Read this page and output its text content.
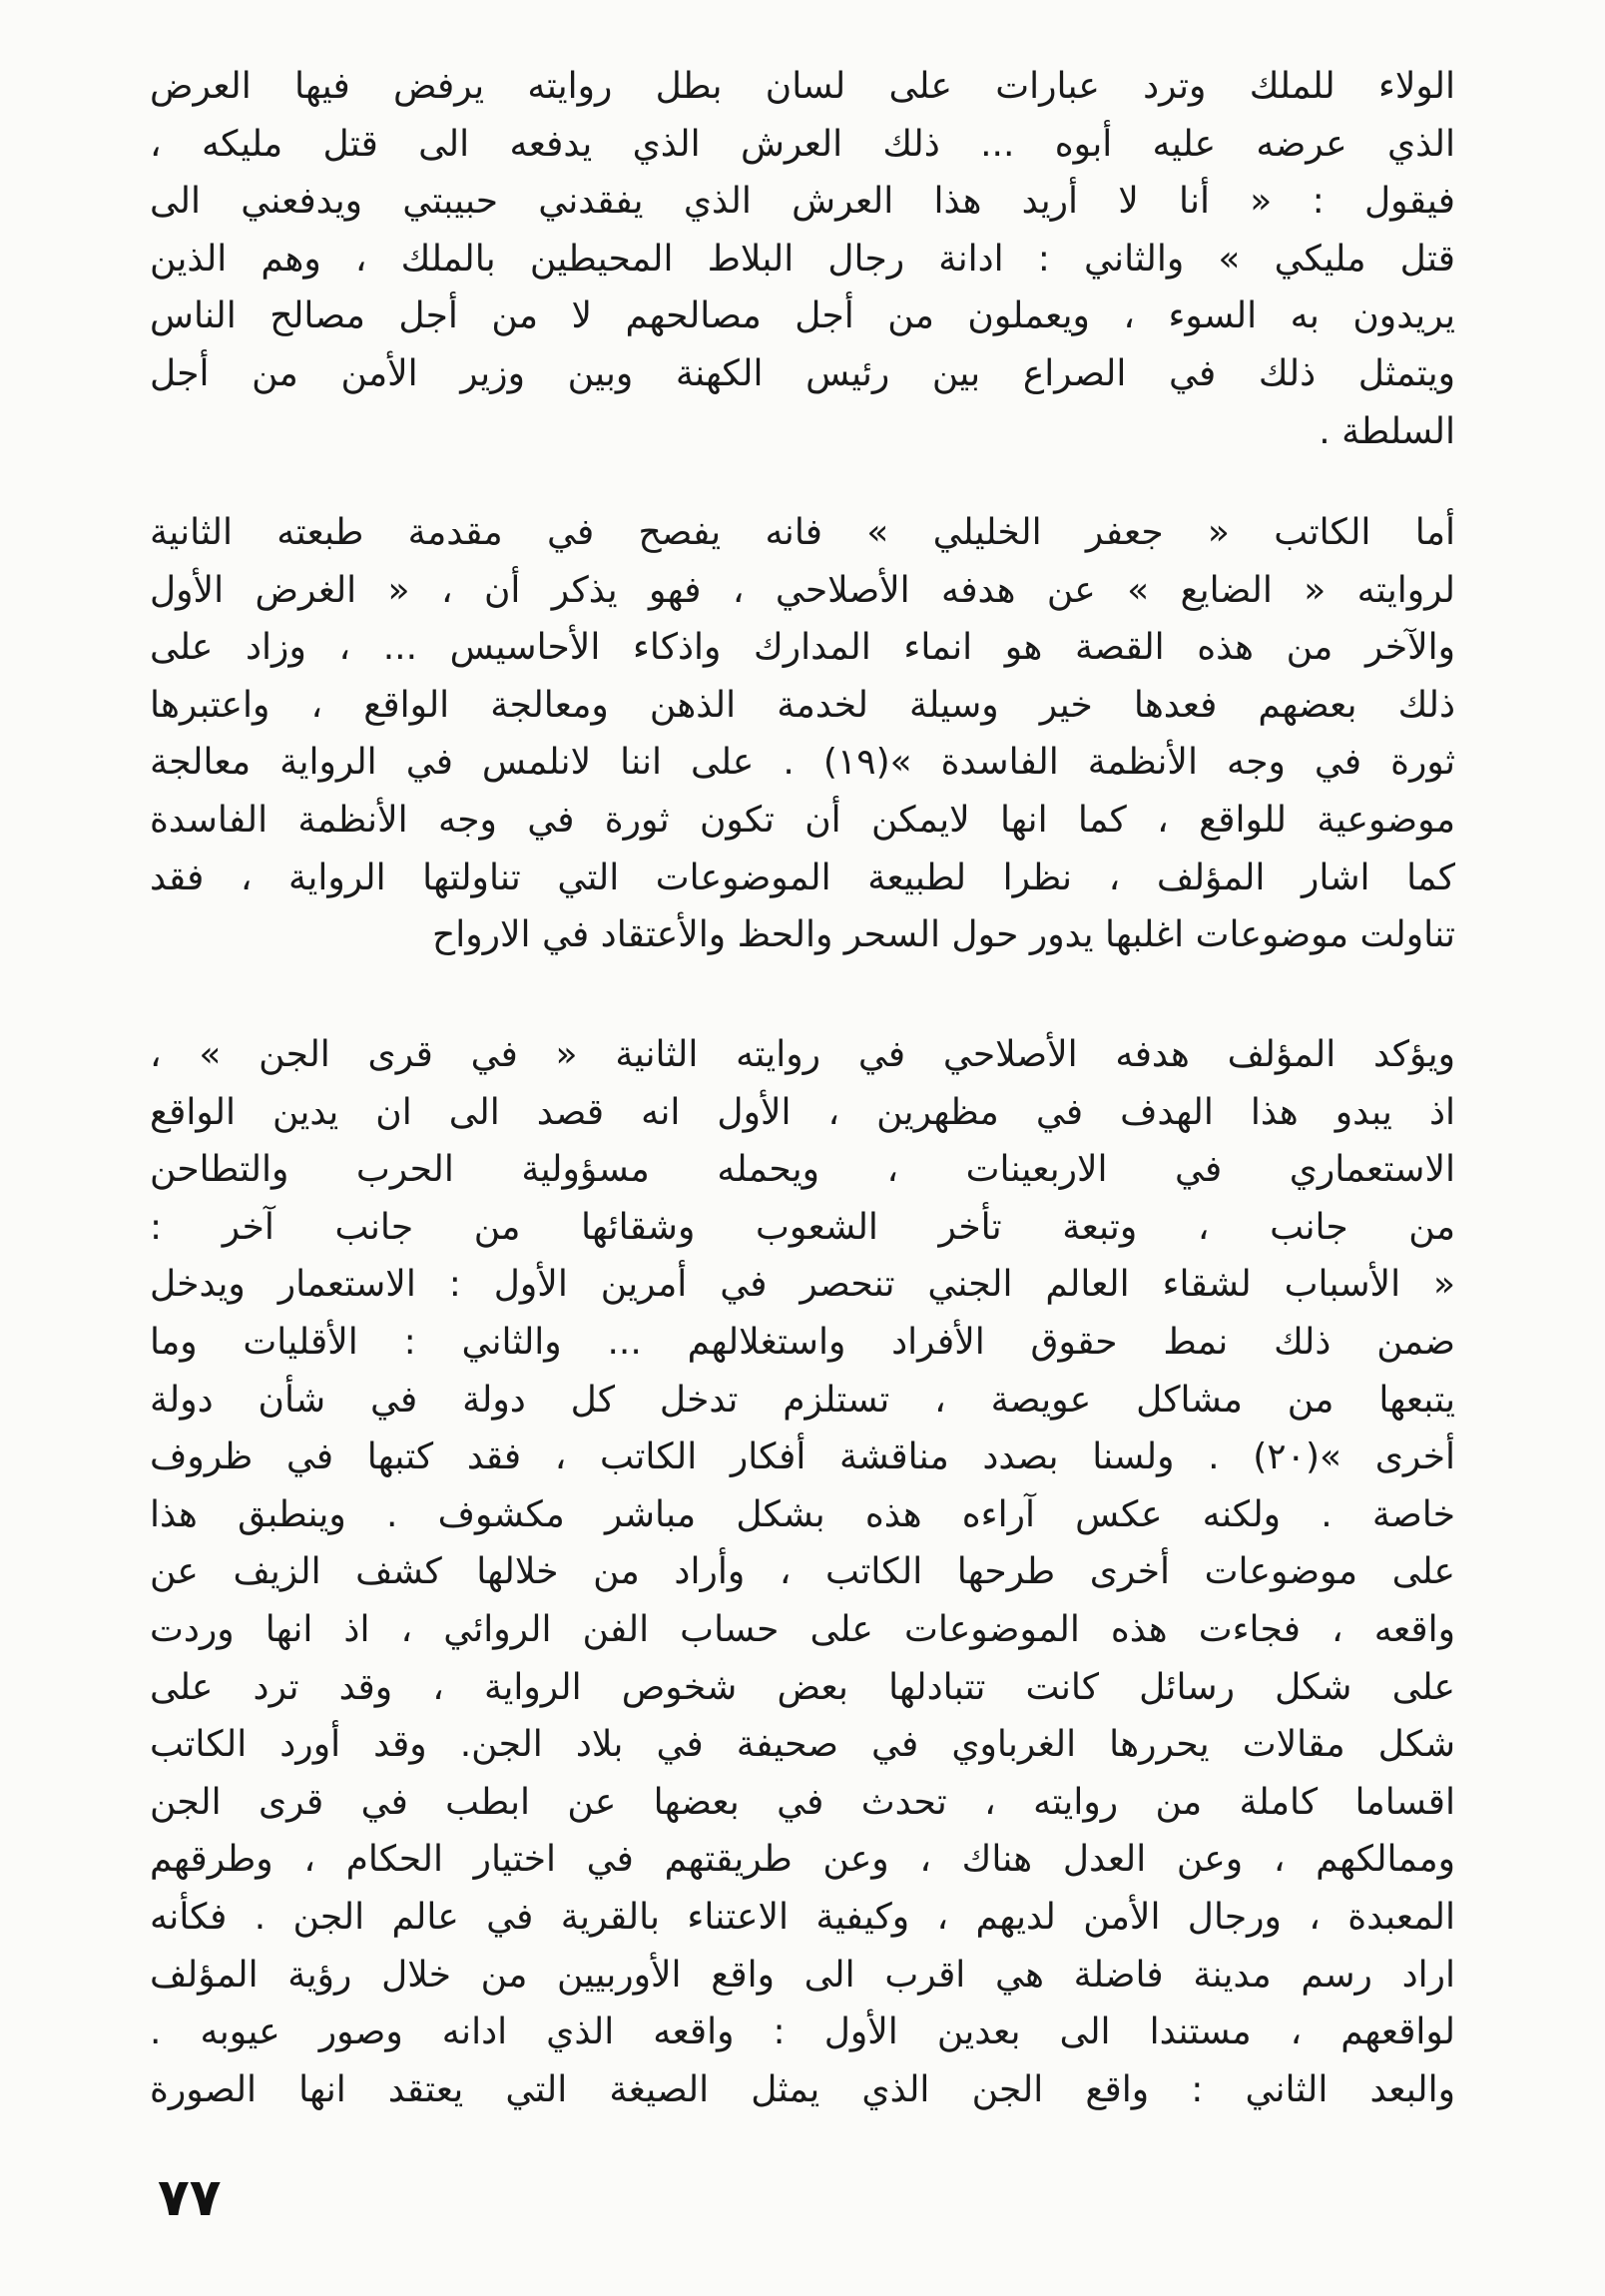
الولاء للملك وترد عبارات على لسان بطل روايته يرفض فيها العرض
الذي عرضه عليه أبوه ... ذلك العرش الذي يدفعه الى قتل مليكه ،
فيقول : « أنا لا أريد هذا العرش الذي يفقدني حبيبتي ويدفعني الى
قتل مليكي » والثاني : ادانة رجال البلاط المحيطين بالملك ، وهم الذين
يريدون به السوء ، ويعملون من أجل مصالحهم لا من أجل مصالح الناس
ويتمثل ذلك في الصراع بين رئيس الكهنة وبين وزير الأمن من أجل
السلطة .
أما الكاتب « جعفر الخليلي » فانه يفصح في مقدمة طبعته الثانية
لروايته « الضايع » عن هدفه الأصلاحي ، فهو يذكر أن ، « الغرض الأول
والآخر من هذه القصة هو انماء المدارك واذكاء الأحاسيس ... ، وزاد على
ذلك بعضهم فعدها خير وسيلة لخدمة الذهن ومعالجة الواقع ، واعتبرها
ثورة في وجه الأنظمة الفاسدة »(١٩) . على اننا لانلمس في الرواية معالجة
موضوعية للواقع ، كما انها لايمكن أن تكون ثورة في وجه الأنظمة الفاسدة
كما اشار المؤلف ، نظرا لطبيعة الموضوعات التي تناولتها الرواية ، فقد
تناولت موضوعات اغلبها يدور حول السحر والحظ والأعتقاد في الارواح
ويؤكد المؤلف هدفه الأصلاحي في روايته الثانية « في قرى الجن » ،
اذ يبدو هذا الهدف في مظهرين ، الأول انه قصد الى ان يدين الواقع
الاستعماري في الاربعينات ، ويحمله مسؤولية الحرب والتطاحن
من جانب ، وتبعة تأخر الشعوب وشقائها من جانب آخر :
« الأسباب لشقاء العالم الجني تنحصر في أمرين الأول : الاستعمار ويدخل
ضمن ذلك نمط حقوق الأفراد واستغلالهم ... والثاني : الأقليات وما
يتبعها من مشاكل عويصة ، تستلزم تدخل كل دولة في شأن دولة
أخرى »(٢٠) . ولسنا بصدد مناقشة أفكار الكاتب ، فقد كتبها في ظروف
خاصة . ولكنه عكس آراءه هذه بشكل مباشر مكشوف . وينطبق هذا
على موضوعات أخرى طرحها الكاتب ، وأراد من خلالها كشف الزيف عن
واقعه ، فجاءت هذه الموضوعات على حساب الفن الروائي ، اذ انها وردت
على شكل رسائل كانت تتبادلها بعض شخوص الرواية ، وقد ترد على
شكل مقالات يحررها الغرباوي في صحيفة في بلاد الجن. وقد أورد الكاتب
اقساما كاملة من روايته ، تحدث في بعضها عن ابطب في قرى الجن
وممالكهم ، وعن العدل هناك ، وعن طريقتهم في اختيار الحكام ، وطرقهم
المعبدة ، ورجال الأمن لديهم ، وكيفية الاعتناء بالقرية في عالم الجن . فكأنه
اراد رسم مدينة فاضلة هي اقرب الى واقع الأوربيين من خلال رؤية المؤلف
لواقعهم ، مستندا الى بعدين الأول : واقعه الذي ادانه وصور عيوبه .
والبعد الثاني : واقع الجن الذي يمثل الصيغة التي يعتقد انها الصورة
٧٧
